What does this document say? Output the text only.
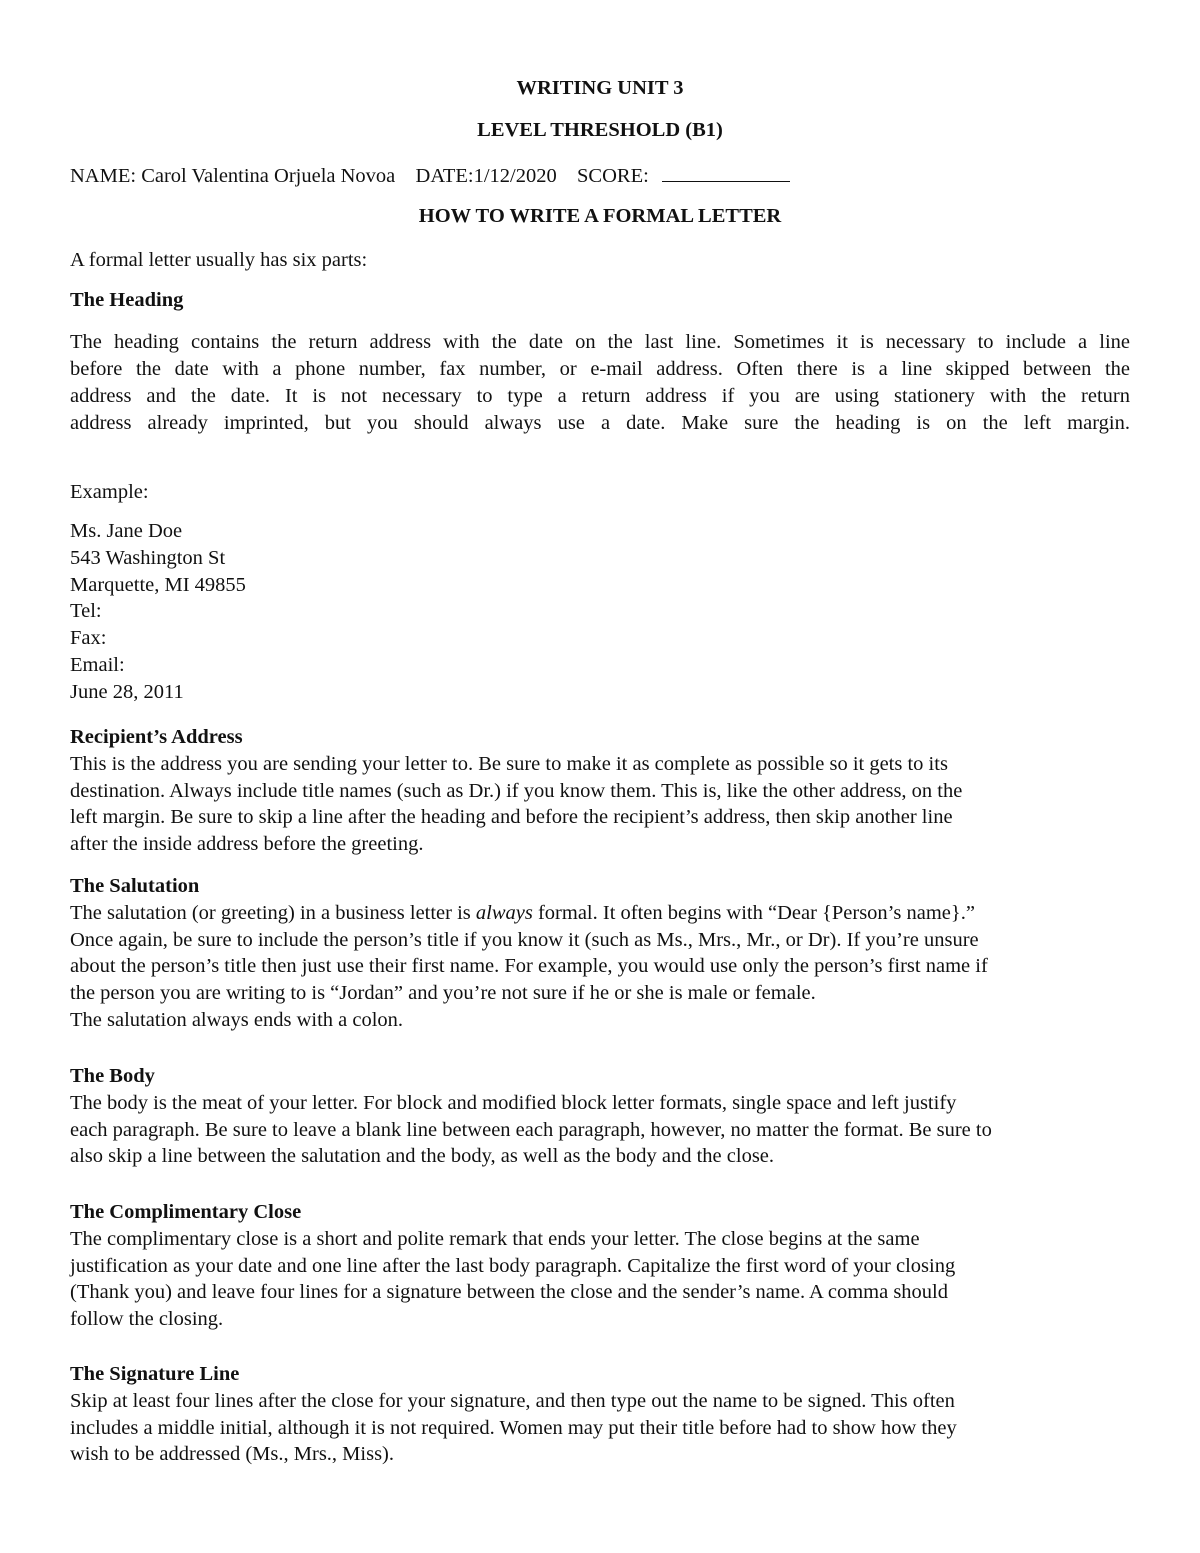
WRITING UNIT 3
LEVEL THRESHOLD (B1)
NAME: Carol Valentina Orjuela Novoa DATE:1/12/2020 SCORE:
HOW TO WRITE A FORMAL LETTER
A formal letter usually has six parts:
The Heading
The heading contains the return address with the date on the last line. Sometimes it is necessary to include a line
before the date with a phone number, fax number, or e-mail address. Often there is a line skipped between the
address and the date. It is not necessary to type a return address if you are using stationery with the return
address already imprinted, but you should always use a date. Make sure the heading is on the left margin.
Example:
Ms. Jane Doe
543 Washington St
Marquette, MI 49855
Tel:
Fax:
Email:
June 28, 2011
Recipient’s Address
This is the address you are sending your letter to. Be sure to make it as complete as possible so it gets to its
destination. Always include title names (such as Dr.) if you know them. This is, like the other address, on the
left margin. Be sure to skip a line after the heading and before the recipient’s address, then skip another line
after the inside address before the greeting.
The Salutation
The salutation (or greeting) in a business letter is always formal. It often begins with “Dear {Person’s name}.”
Once again, be sure to include the person’s title if you know it (such as Ms., Mrs., Mr., or Dr). If you’re unsure
about the person’s title then just use their first name. For example, you would use only the person’s first name if
the person you are writing to is “Jordan” and you’re not sure if he or she is male or female.
The salutation always ends with a colon.
The Body
The body is the meat of your letter. For block and modified block letter formats, single space and left justify
each paragraph. Be sure to leave a blank line between each paragraph, however, no matter the format. Be sure to
also skip a line between the salutation and the body, as well as the body and the close.
The Complimentary Close
The complimentary close is a short and polite remark that ends your letter. The close begins at the same
justification as your date and one line after the last body paragraph. Capitalize the first word of your closing
(Thank you) and leave four lines for a signature between the close and the sender’s name. A comma should
follow the closing.
The Signature Line
Skip at least four lines after the close for your signature, and then type out the name to be signed. This often
includes a middle initial, although it is not required. Women may put their title before had to show how they
wish to be addressed (Ms., Mrs., Miss).
